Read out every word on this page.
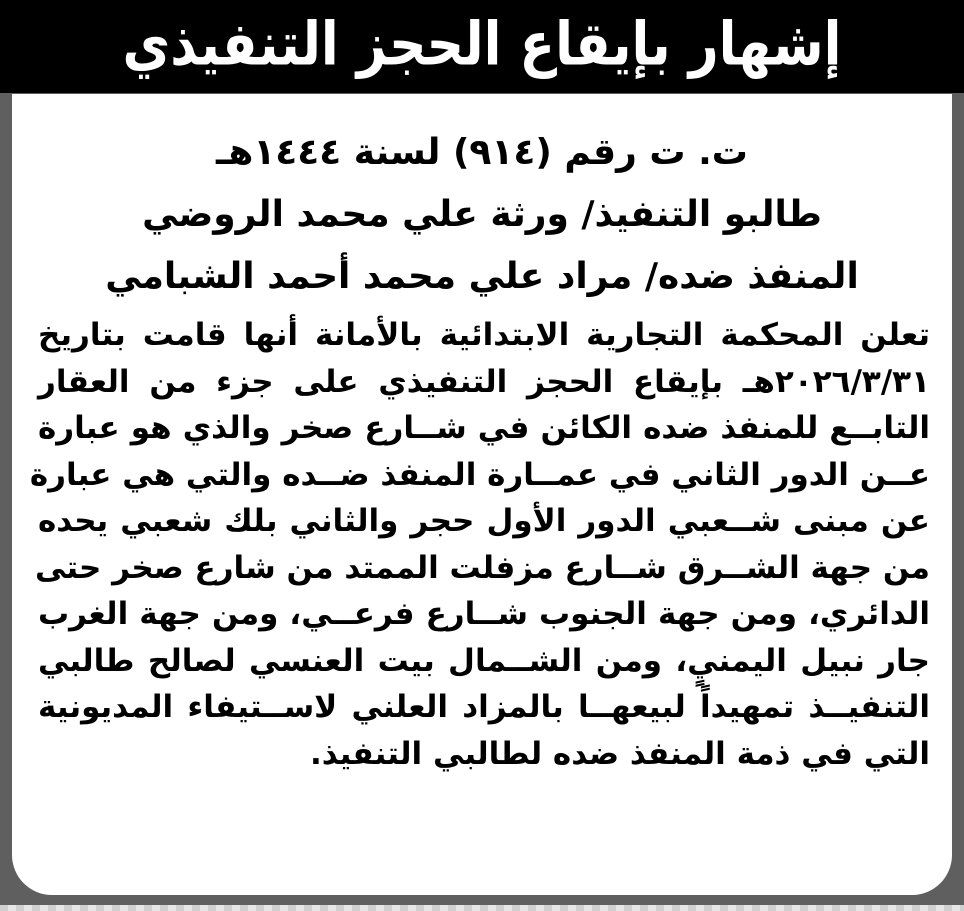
إشهار بإيقاع الحجز التنفيذي
ت. ت رقم (٩١٤) لسنة ١٤٤٤هـ
طالبو التنفيذ/ ورثة علي محمد الروضي
المنفذ ضده/ مراد علي محمد أحمد الشبامي
تعلن المحكمة التجارية الابتدائية بالأمانة أنها قامت بتاريخ
٢٠٢٦/٣/٣١هـ بإيقاع الحجز التنفيذي على جزء من العقار
التابــع للمنفذ ضده الكائن في شــارع صخر والذي هو عبارة
عــن الدور الثاني في عمــارة المنفذ ضــده والتي هي عبارة
عن مبنى شــعبي الدور الأول حجر والثاني بلك شعبي يحده
من جهة الشــرق شــارع مزفلت الممتد من شارع صخر حتى
الدائري، ومن جهة الجنوب شــارع فرعــي، ومن جهة الغرب
جار نبيل اليمنيٍ، ومن الشــمال بيت العنسي لصالح طالبي
التنفيــذ تمهيداً لبيعهــا بالمزاد العلني لاســتيفاء المديونية
التي في ذمة المنفذ ضده لطالبي التنفيذ.
